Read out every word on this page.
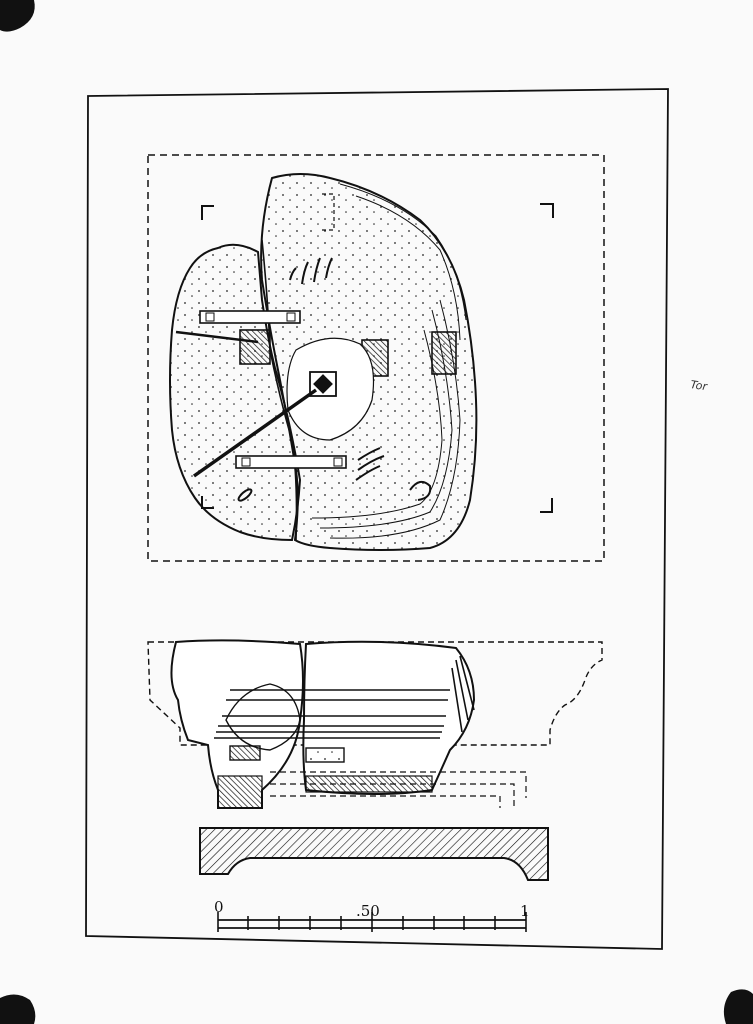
0	.50	1
Tor
